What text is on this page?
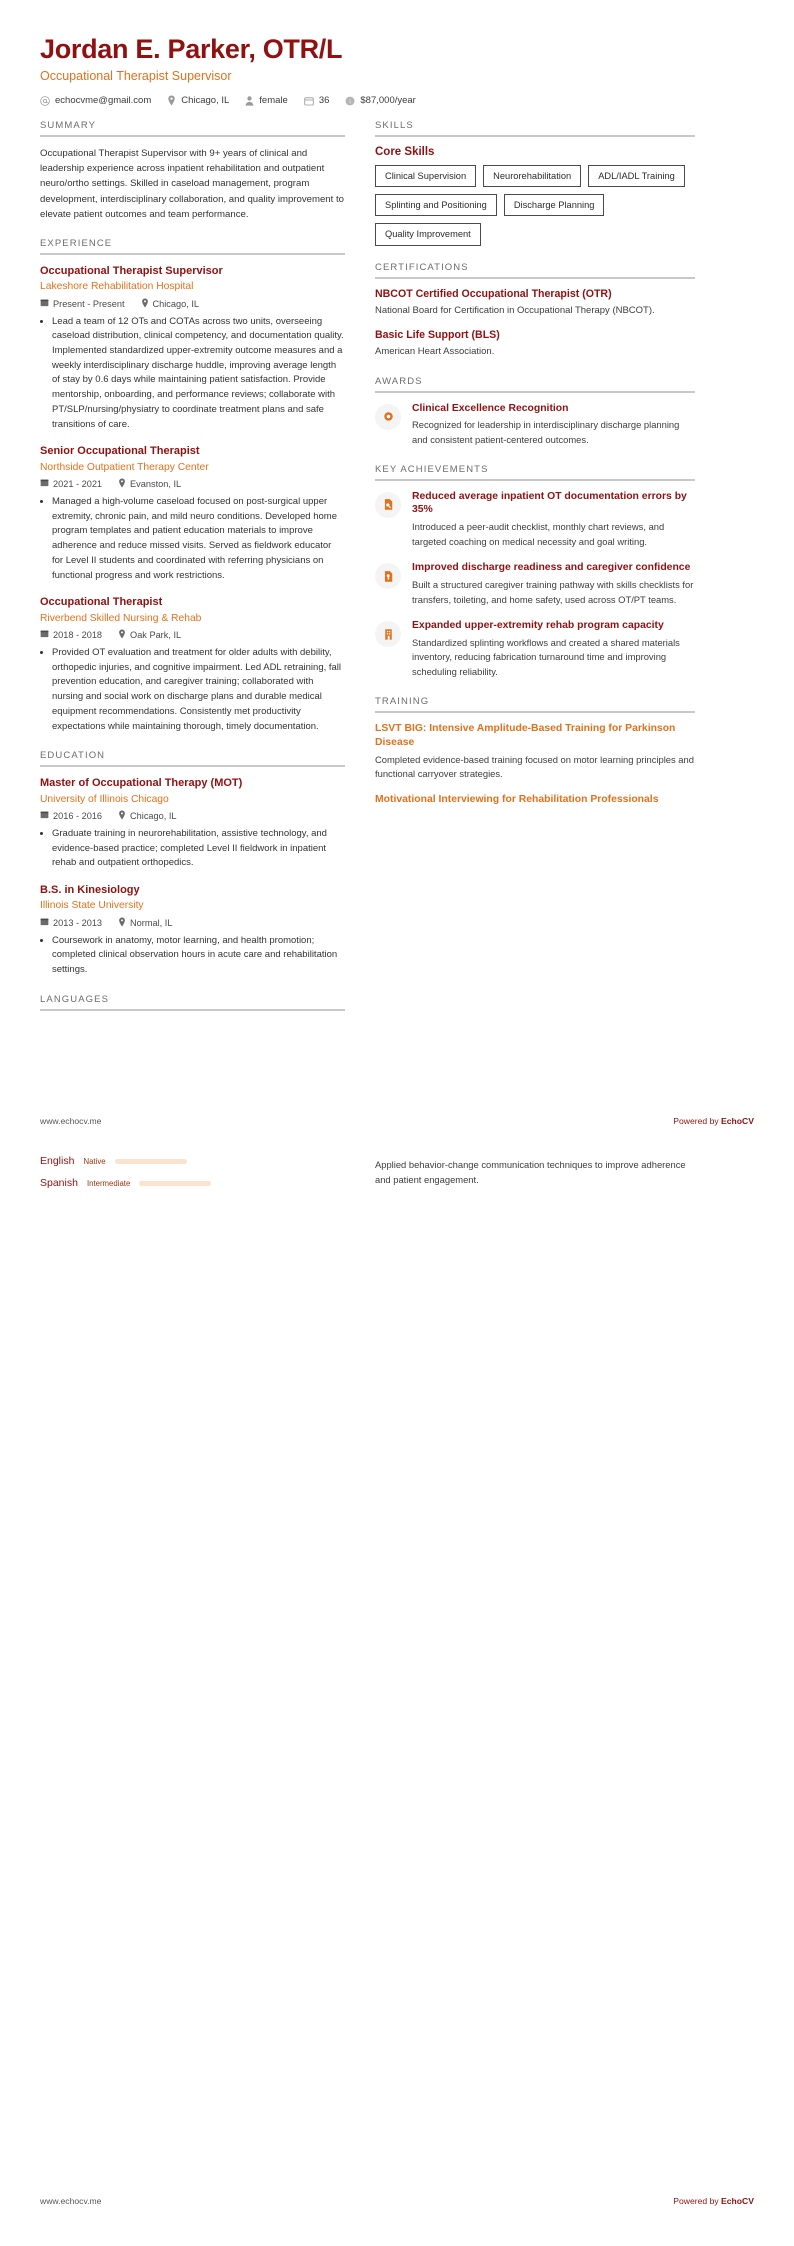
Jordan E. Parker, OTR/L
Occupational Therapist Supervisor
echocvme@gmail.com	Chicago, IL	female	36	i $87,000/year
SUMMARY
Occupational Therapist Supervisor with 9+ years of clinical and leadership experience across inpatient rehabilitation and outpatient neuro/ortho settings. Skilled in caseload management, program development, interdisciplinary collaboration, and quality improvement to elevate patient outcomes and team performance.
EXPERIENCE
Occupational Therapist Supervisor
Lakeshore Rehabilitation Hospital
Present - Present	Chicago, IL
• Lead a team of 12 OTs and COTAs across two units, overseeing caseload distribution, clinical competency, and documentation quality. Implemented standardized upper-extremity outcome measures and a weekly interdisciplinary discharge huddle, improving average length of stay by 0.6 days while maintaining patient satisfaction. Provide mentorship, onboarding, and performance reviews; collaborate with PT/SLP/nursing/physiatry to coordinate treatment plans and safe transitions of care.
Senior Occupational Therapist
Northside Outpatient Therapy Center
2021 - 2021	Evanston, IL
• Managed a high-volume caseload focused on post-surgical upper extremity, chronic pain, and mild neuro conditions. Developed home program templates and patient education materials to improve adherence and reduce missed visits. Served as fieldwork educator for Level II students and coordinated with referring physicians on functional progress and work restrictions.
Occupational Therapist
Riverbend Skilled Nursing & Rehab
2018 - 2018	Oak Park, IL
• Provided OT evaluation and treatment for older adults with debility, orthopedic injuries, and cognitive impairment. Led ADL retraining, fall prevention education, and caregiver training; collaborated with nursing and social work on discharge plans and durable medical equipment recommendations. Consistently met productivity expectations while maintaining thorough, timely documentation.
EDUCATION
Master of Occupational Therapy (MOT)
University of Illinois Chicago
2016 - 2016	Chicago, IL
• Graduate training in neurorehabilitation, assistive technology, and evidence-based practice; completed Level II fieldwork in inpatient rehab and outpatient orthopedics.
B.S. in Kinesiology
Illinois State University
2013 - 2013	Normal, IL
• Coursework in anatomy, motor learning, and health promotion; completed clinical observation hours in acute care and rehabilitation settings.
LANGUAGES
SKILLS
Core Skills
Clinical Supervision	Neurorehabilitation	ADL/IADL Training
Splinting and Positioning	Discharge Planning
Quality Improvement
CERTIFICATIONS
NBCOT Certified Occupational Therapist (OTR)
National Board for Certification in Occupational Therapy (NBCOT).
Basic Life Support (BLS)
American Heart Association.
AWARDS
Clinical Excellence Recognition
Recognized for leadership in interdisciplinary discharge planning and consistent patient-centered outcomes.
KEY ACHIEVEMENTS
Reduced average inpatient OT documentation errors by 35%
Introduced a peer-audit checklist, monthly chart reviews, and targeted coaching on medical necessity and goal writing.
Improved discharge readiness and caregiver confidence
Built a structured caregiver training pathway with skills checklists for transfers, toileting, and home safety, used across OT/PT teams.
Expanded upper-extremity rehab program capacity
Standardized splinting workflows and created a shared materials inventory, reducing fabrication turnaround time and improving scheduling reliability.
TRAINING
LSVT BIG: Intensive Amplitude-Based Training for Parkinson Disease
Completed evidence-based training focused on motor learning principles and functional carryover strategies.
Motivational Interviewing for Rehabilitation Professionals
www.echocv.me	Powered by EchoCV
English Native
Spanish Intermediate
Applied behavior-change communication techniques to improve adherence and patient engagement.
www.echocv.me	Powered by EchoCV
